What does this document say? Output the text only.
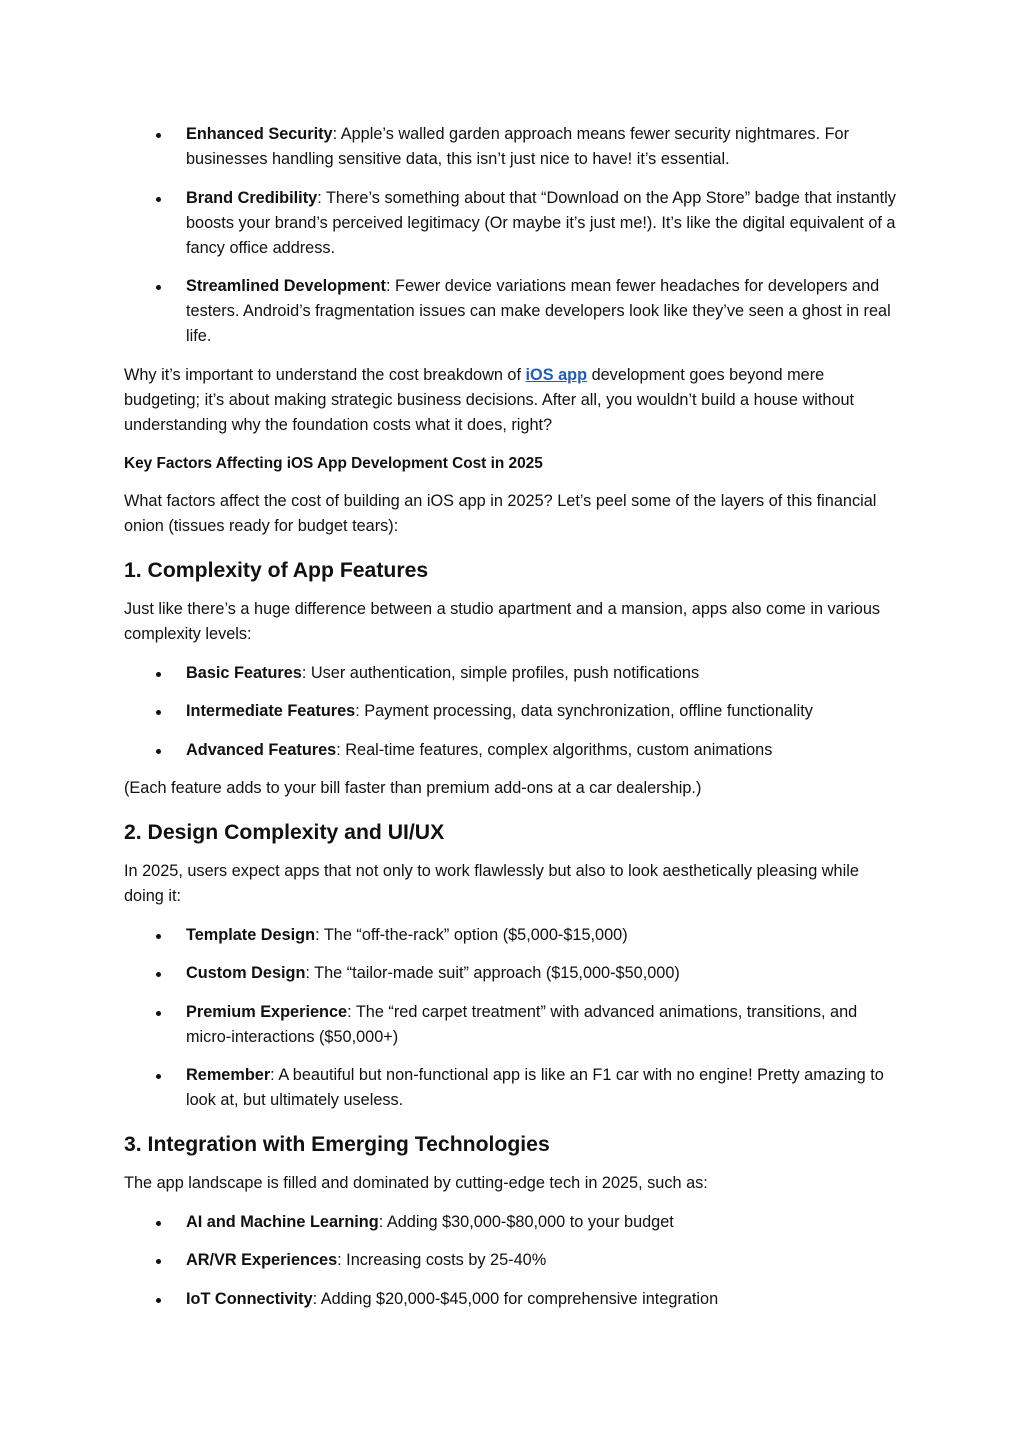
Enhanced Security: Apple’s walled garden approach means fewer security nightmares. For businesses handling sensitive data, this isn’t just nice to have! it’s essential.
Brand Credibility: There’s something about that “Download on the App Store” badge that instantly boosts your brand’s perceived legitimacy (Or maybe it’s just me!). It’s like the digital equivalent of a fancy office address.
Streamlined Development: Fewer device variations mean fewer headaches for developers and testers. Android’s fragmentation issues can make developers look like they’ve seen a ghost in real life.

Why it’s important to understand the cost breakdown of iOS app development goes beyond mere budgeting; it’s about making strategic business decisions. After all, you wouldn’t build a house without understanding why the foundation costs what it does, right?

Key Factors Affecting iOS App Development Cost in 2025

What factors affect the cost of building an iOS app in 2025? Let’s peel some of the layers of this financial onion (tissues ready for budget tears):

1. Complexity of App Features

Just like there’s a huge difference between a studio apartment and a mansion, apps also come in various complexity levels:

Basic Features: User authentication, simple profiles, push notifications
Intermediate Features: Payment processing, data synchronization, offline functionality
Advanced Features: Real-time features, complex algorithms, custom animations

(Each feature adds to your bill faster than premium add-ons at a car dealership.)

2. Design Complexity and UI/UX

In 2025, users expect apps that not only to work flawlessly but also to look aesthetically pleasing while doing it:

Template Design: The “off-the-rack” option ($5,000-$15,000)
Custom Design: The “tailor-made suit” approach ($15,000-$50,000)
Premium Experience: The “red carpet treatment” with advanced animations, transitions, and micro-interactions ($50,000+)
Remember: A beautiful but non-functional app is like an F1 car with no engine! Pretty amazing to look at, but ultimately useless.
3. Integration with Emerging Technologies

The app landscape is filled and dominated by cutting-edge tech in 2025, such as:

AI and Machine Learning: Adding $30,000-$80,000 to your budget
AR/VR Experiences: Increasing costs by 25-40%
IoT Connectivity: Adding $20,000-$45,000 for comprehensive integration
